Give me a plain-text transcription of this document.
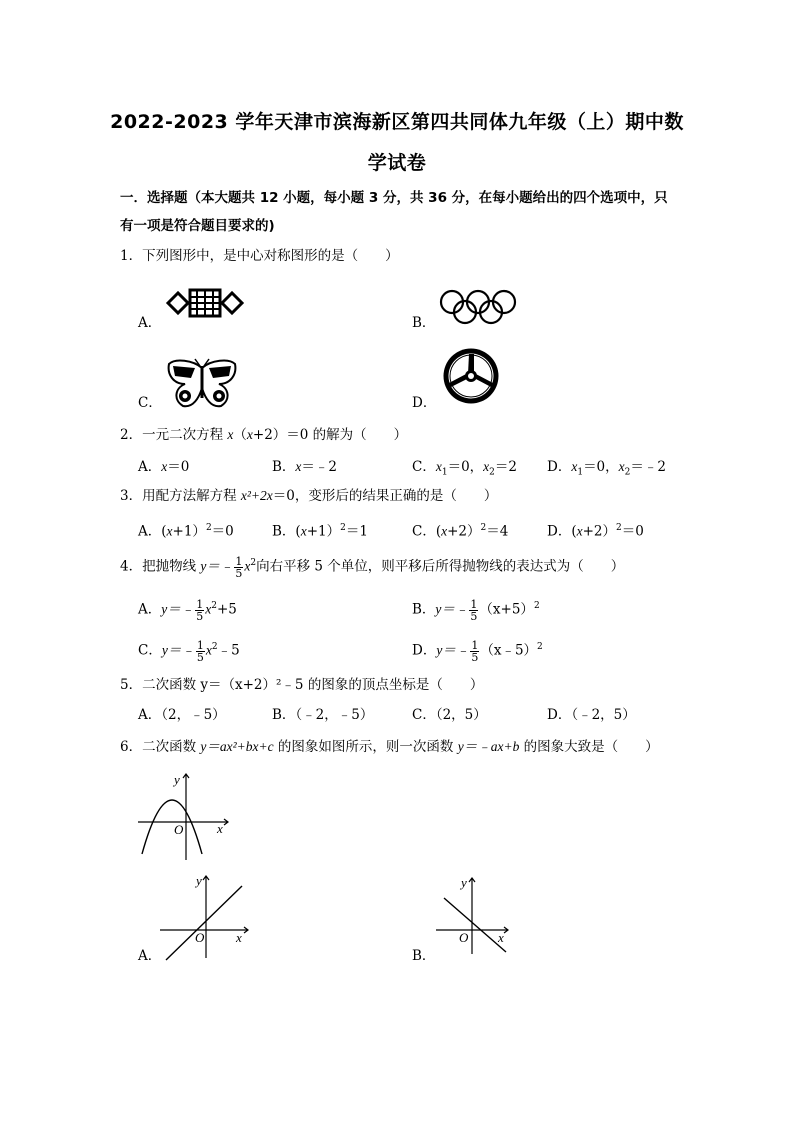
2022-2023 学年天津市滨海新区第四共同体九年级（上）期中数
学试卷
一．选择题（本大题共 12 小题，每小题 3 分，共 36 分，在每小题给出的四个选项中，只
有一项是符合题目要求的)
1．下列图形中，是中心对称图形的是（　　）
A．	B．
C．	D．
2．一元二次方程 x（x+2）＝0 的解为（　　）
A．x＝0	B．x＝﹣2	C．$x_1=0$，$x_2=2$ D．$x_1=0$，$x_2=﹣2$
3．用配方法解方程 x²+2x＝0，变形后的结果正确的是（　　）
A．(x+1）$^2$＝0	B．(x+1）$^2$＝1	C．(x+2）$^2$＝4	D．(x+2）$^2$＝0
4．把抛物线 y＝﹣ $\frac{1}{5} x^2$向右平移 5 个单位，则平移后所得抛物线的表达式为（　　）
A．y＝﹣ $\frac{1}{5} x^2+5$	B．y＝﹣ $\frac{1}{5} (x+5)^2$
C．y＝﹣ $\frac{1}{5}$ $x^2﹣5$	D．y＝﹣ $\frac{1}{5}$ （x﹣5）$^2$
5．二次函数 y＝（x+2）²﹣5 的图象的顶点坐标是（　　）
A．（2，﹣5）	B．（﹣2，﹣5）	C．（2，5）	D．（﹣2，5）
6．二次函数 y＝ax²+bx+c 的图象如图所示，则一次函数 y＝﹣ax+b 的图象大致是（　　）
y
x
O
A．
y
x
O
B．
y
x
O
